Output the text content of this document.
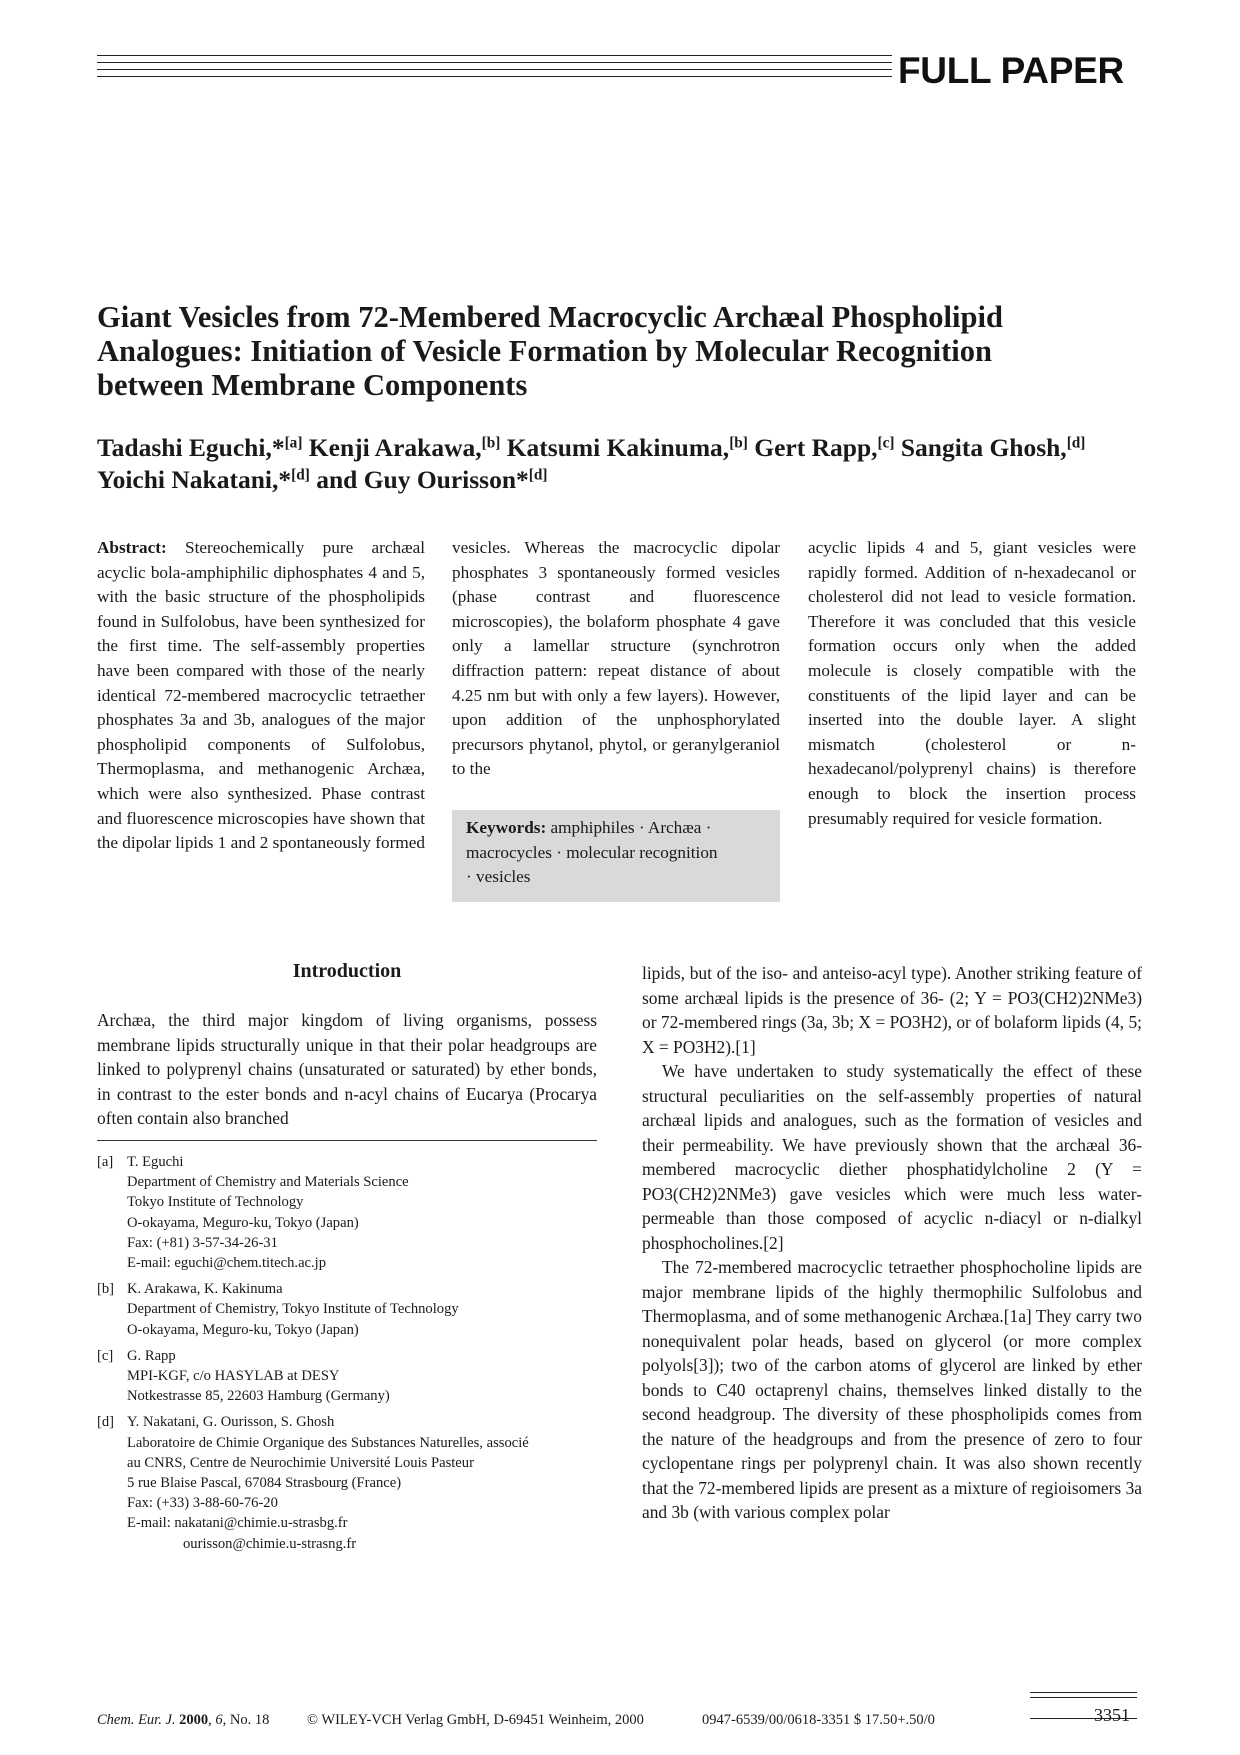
FULL PAPER
Giant Vesicles from 72-Membered Macrocyclic Archæal Phospholipid
Analogues: Initiation of Vesicle Formation by Molecular Recognition
between Membrane Components
Tadashi Eguchi,*[a] Kenji Arakawa,[b] Katsumi Kakinuma,[b] Gert Rapp,[c] Sangita Ghosh,[d]
Yoichi Nakatani,*[d] and Guy Ourisson*[d]

Abstract: Stereochemically pure archæal acyclic bola-amphiphilic diphosphates 4 and 5, with the basic structure of the phospholipids found in Sulfolobus, have been synthesized for the first time. The self-assembly properties have been compared with those of the nearly identical 72-membered macrocyclic tetraether phosphates 3a and 3b, analogues of the major phospholipid components of Sulfolobus, Thermoplasma, and methanogenic Archæa, which were also synthesized. Phase contrast and fluorescence microscopies have shown that the dipolar lipids 1 and 2 spontaneously formed

vesicles. Whereas the macrocyclic dipolar phosphates 3 spontaneously formed vesicles (phase contrast and fluorescence microscopies), the bolaform phosphate 4 gave only a lamellar structure (synchrotron diffraction pattern: repeat distance of about 4.25 nm but with only a few layers). However, upon addition of the unphosphorylated precursors phytanol, phytol, or geranylgeraniol to the

acyclic lipids 4 and 5, giant vesicles were rapidly formed. Addition of n-hexadecanol or cholesterol did not lead to vesicle formation. Therefore it was concluded that this vesicle formation occurs only when the added molecule is closely compatible with the constituents of the lipid layer and can be inserted into the double layer. A slight mismatch (cholesterol or n-hexadecanol/polyprenyl chains) is therefore enough to block the insertion process presumably required for vesicle formation.

Keywords: amphiphiles · Archæa · macrocycles · molecular recognition
· vesicles
Introduction

Archæa, the third major kingdom of living organisms, possess membrane lipids structurally unique in that their polar headgroups are linked to polyprenyl chains (unsaturated or saturated) by ether bonds, in contrast to the ester bonds and n-acyl chains of Eucarya (Procarya often contain also branched

[a] T. Eguchi
Department of Chemistry and Materials Science
Tokyo Institute of Technology
O-okayama, Meguro-ku, Tokyo (Japan)
Fax: (+81) 3-57-34-26-31
E-mail: eguchi@chem.titech.ac.jp
[b] K. Arakawa, K. Kakinuma
Department of Chemistry, Tokyo Institute of Technology
O-okayama, Meguro-ku, Tokyo (Japan)
[c] G. Rapp
MPI-KGF, c/o HASYLAB at DESY
Notkestrasse 85, 22603 Hamburg (Germany)
[d] Y. Nakatani, G. Ourisson, S. Ghosh
Laboratoire de Chimie Organique des Substances Naturelles, associé
au CNRS, Centre de Neurochimie Université Louis Pasteur
5 rue Blaise Pascal, 67084 Strasbourg (France)
Fax: (+33) 3-88-60-76-20
E-mail: nakatani@chimie.u-strasbg.fr
ourisson@chimie.u-strasng.fr

lipids, but of the iso- and anteiso-acyl type). Another striking feature of some archæal lipids is the presence of 36- (2; Y = PO3(CH2)2NMe3) or 72-membered rings (3a, 3b; X = PO3H2), or of bolaform lipids (4, 5; X = PO3H2).[1]

We have undertaken to study systematically the effect of these structural peculiarities on the self-assembly properties of natural archæal lipids and analogues, such as the formation of vesicles and their permeability. We have previously shown that the archæal 36-membered macrocyclic diether phosphatidylcholine 2 (Y = PO3(CH2)2NMe3) gave vesicles which were much less water-permeable than those composed of acyclic n-diacyl or n-dialkyl phosphocholines.[2]

The 72-membered macrocyclic tetraether phosphocholine lipids are major membrane lipids of the highly thermophilic Sulfolobus and Thermoplasma, and of some methanogenic Archæa.[1a] They carry two nonequivalent polar heads, based on glycerol (or more complex polyols[3]); two of the carbon atoms of glycerol are linked by ether bonds to C40 octaprenyl chains, themselves linked distally to the second headgroup. The diversity of these phospholipids comes from the nature of the headgroups and from the presence of zero to four cyclopentane rings per polyprenyl chain. It was also shown recently that the 72-membered lipids are present as a mixture of regioisomers 3a and 3b (with various complex polar

Chem. Eur. J. 2000, 6, No. 18	© WILEY-VCH Verlag GmbH, D-69451 Weinheim, 2000	0947-6539/00/0618-3351 $ 17.50+.50/0	3351
